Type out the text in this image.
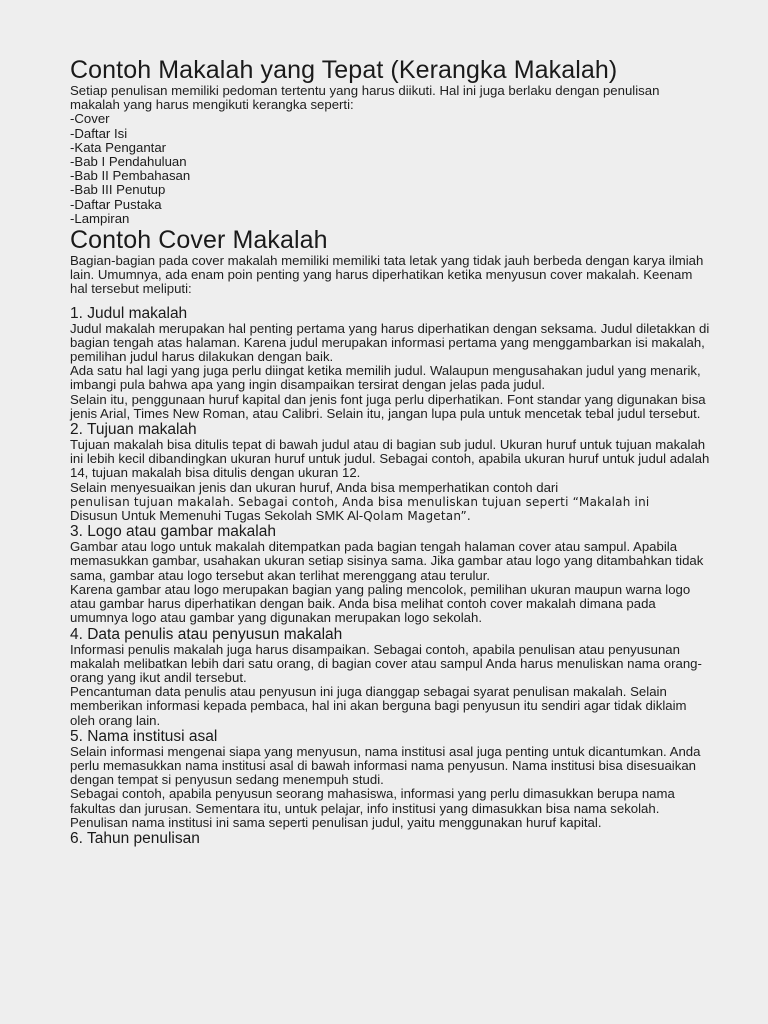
Contoh Makalah yang Tepat (Kerangka Makalah)

Setiap penulisan memiliki pedoman tertentu yang harus diikuti. Hal ini juga berlaku dengan penulisan makalah yang harus mengikuti kerangka seperti:

-Cover

-Daftar Isi

-Kata Pengantar

-Bab I Pendahuluan

-Bab II Pembahasan

-Bab III Penutup

-Daftar Pustaka

-Lampiran

Contoh Cover Makalah

Bagian-bagian pada cover makalah memiliki memiliki tata letak yang tidak jauh berbeda dengan karya ilmiah lain. Umumnya, ada enam poin penting yang harus diperhatikan ketika menyusun cover makalah. Keenam hal tersebut meliputi:

1. Judul makalah

Judul makalah merupakan hal penting pertama yang harus diperhatikan dengan seksama. Judul diletakkan di bagian tengah atas halaman. Karena judul merupakan informasi pertama yang menggambarkan isi makalah, pemilihan judul harus dilakukan dengan baik.

Ada satu hal lagi yang juga perlu diingat ketika memilih judul. Walaupun mengusahakan judul yang menarik, imbangi pula bahwa apa yang ingin disampaikan tersirat dengan jelas pada judul.

Selain itu, penggunaan huruf kapital dan jenis font juga perlu diperhatikan. Font standar yang digunakan bisa jenis Arial, Times New Roman, atau Calibri. Selain itu, jangan lupa pula untuk mencetak tebal judul tersebut.

2. Tujuan makalah

Tujuan makalah bisa ditulis tepat di bawah judul atau di bagian sub judul. Ukuran huruf untuk tujuan makalah ini lebih kecil dibandingkan ukuran huruf untuk judul. Sebagai contoh, apabila ukuran huruf untuk judul adalah 14, tujuan makalah bisa ditulis dengan ukuran 12.

Selain menyesuaikan jenis dan ukuran huruf, Anda bisa memperhatikan contoh dari
penulisan tujuan makalah. Sebagai contoh, Anda bisa menuliskan tujuan seperti “Makalah ini
Disusun Untuk Memenuhi Tugas Sekolah SMK Al-Qolam Magetan”.

3. Logo atau gambar makalah

Gambar atau logo untuk makalah ditempatkan pada bagian tengah halaman cover atau sampul. Apabila memasukkan gambar, usahakan ukuran setiap sisinya sama. Jika gambar atau logo yang ditambahkan tidak sama, gambar atau logo tersebut akan terlihat merenggang atau terulur.

Karena gambar atau logo merupakan bagian yang paling mencolok, pemilihan ukuran maupun warna logo atau gambar harus diperhatikan dengan baik. Anda bisa melihat contoh cover makalah dimana pada umumnya logo atau gambar yang digunakan merupakan logo sekolah.

4. Data penulis atau penyusun makalah

Informasi penulis makalah juga harus disampaikan. Sebagai contoh, apabila penulisan atau penyusunan makalah melibatkan lebih dari satu orang, di bagian cover atau sampul Anda harus menuliskan nama orang-orang yang ikut andil tersebut.

Pencantuman data penulis atau penyusun ini juga dianggap sebagai syarat penulisan makalah. Selain memberikan informasi kepada pembaca, hal ini akan berguna bagi penyusun itu sendiri agar tidak diklaim oleh orang lain.

5. Nama institusi asal

Selain informasi mengenai siapa yang menyusun, nama institusi asal juga penting untuk dicantumkan. Anda perlu memasukkan nama institusi asal di bawah informasi nama penyusun. Nama institusi bisa disesuaikan dengan tempat si penyusun sedang menempuh studi.

Sebagai contoh, apabila penyusun seorang mahasiswa, informasi yang perlu dimasukkan berupa nama fakultas dan jurusan. Sementara itu, untuk pelajar, info institusi yang dimasukkan bisa nama sekolah. Penulisan nama institusi ini sama seperti penulisan judul, yaitu menggunakan huruf kapital.

6. Tahun penulisan
